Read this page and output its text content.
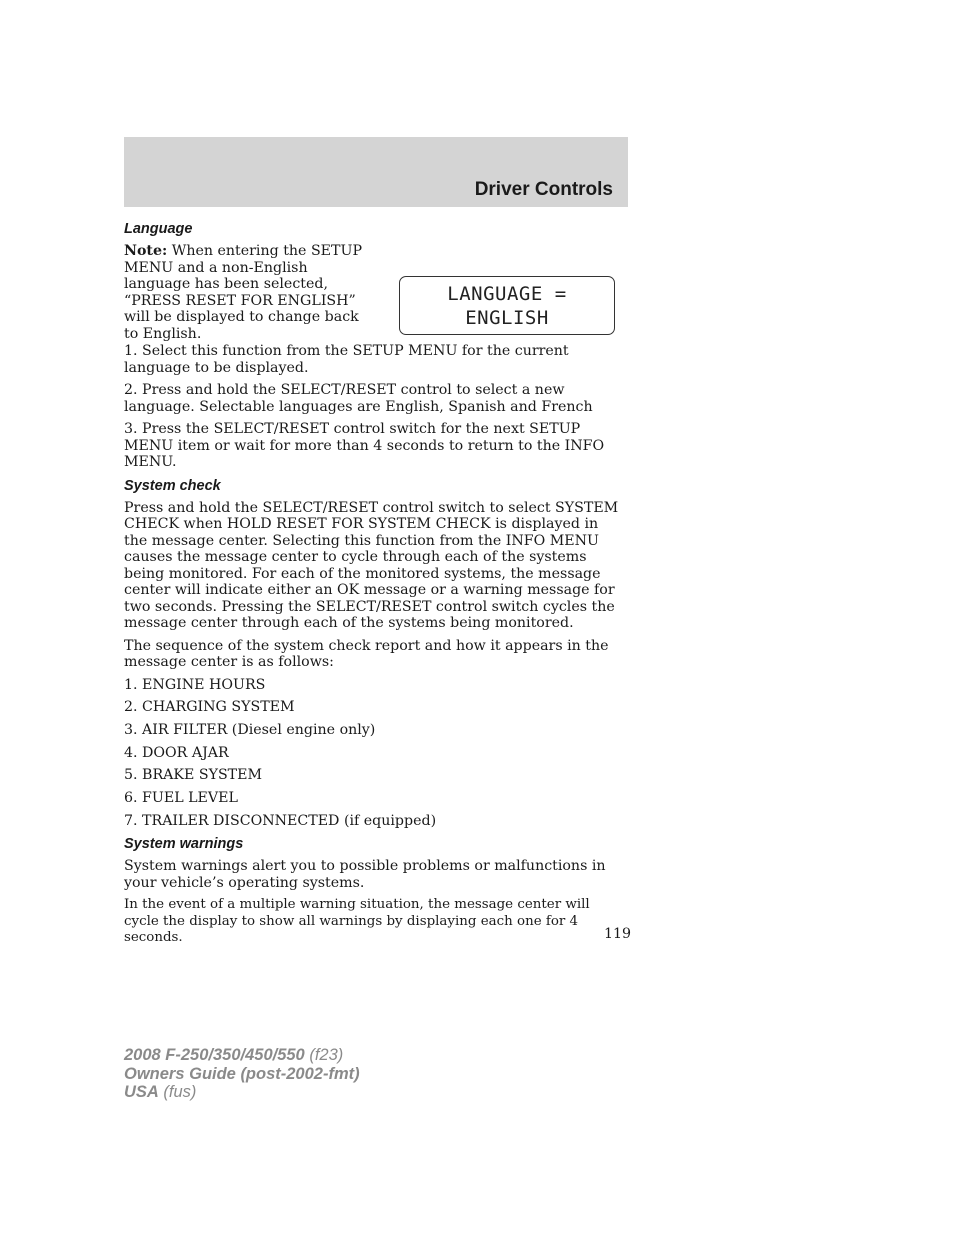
Driver Controls
Language
Note: When entering the SETUP MENU and a non-English language has been selected, “PRESS RESET FOR ENGLISH” will be displayed to change back to English.
LANGUAGE =
ENGLISH

1. Select this function from the SETUP MENU for the current language to be displayed.

2. Press and hold the SELECT/RESET control to select a new language. Selectable languages are English, Spanish and French

3. Press the SELECT/RESET control switch for the next SETUP MENU item or wait for more than 4 seconds to return to the INFO MENU.

System check

Press and hold the SELECT/RESET control switch to select SYSTEM CHECK when HOLD RESET FOR SYSTEM CHECK is displayed in the message center. Selecting this function from the INFO MENU causes the message center to cycle through each of the systems being monitored. For each of the monitored systems, the message center will indicate either an OK message or a warning message for two seconds. Pressing the SELECT/RESET control switch cycles the message center through each of the systems being monitored.

The sequence of the system check report and how it appears in the message center is as follows:

1. ENGINE HOURS
2. CHARGING SYSTEM
3. AIR FILTER (Diesel engine only)
4. DOOR AJAR
5. BRAKE SYSTEM
6. FUEL LEVEL
7. TRAILER DISCONNECTED (if equipped)
System warnings

System warnings alert you to possible problems or malfunctions in your vehicle’s operating systems.

In the event of a multiple warning situation, the message center will cycle the display to show all warnings by displaying each one for 4 seconds.	119
2008 F-250/350/450/550 (f23)
Owners Guide (post-2002-fmt)
USA (fus)
